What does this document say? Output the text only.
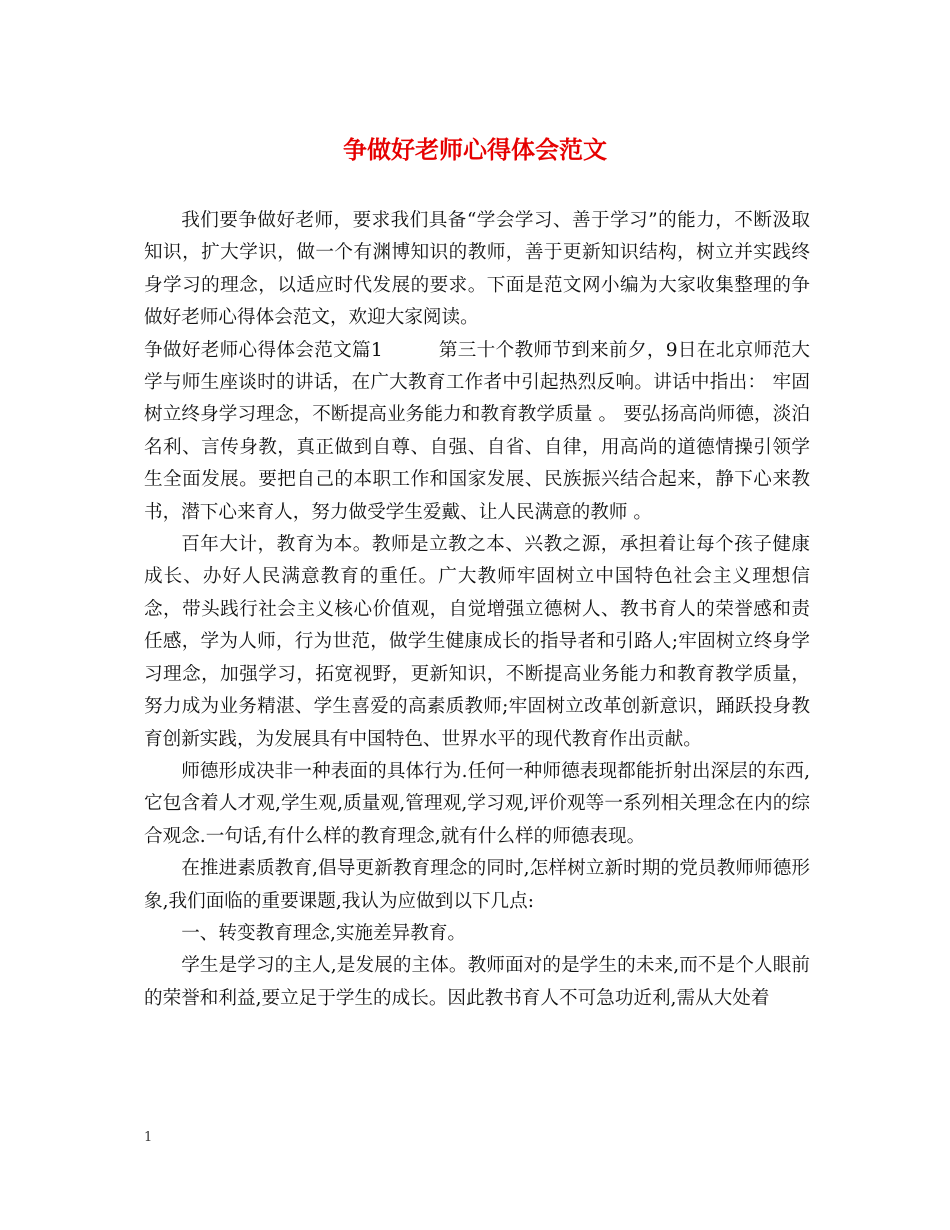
争做好老师心得体会范文

我们要争做好老师，要求我们具备“学会学习、善于学习”的能力，不断汲取知识，扩大学识，做一个有渊博知识的教师，善于更新知识结构，树立并实践终身学习的理念，以适应时代发展的要求。下面是范文网小编为大家收集整理的争做好老师心得体会范文，欢迎大家阅读。

争做好老师心得体会范文篇1	第三十个教师节到来前夕，9日在北京师范大学与师生座谈时的讲话，在广大教育工作者中引起热烈反响。讲话中指出： 牢固树立终身学习理念，不断提高业务能力和教育教学质量 。 要弘扬高尚师德，淡泊名利、言传身教，真正做到自尊、自强、自省、自律，用高尚的道德情操引领学生全面发展。要把自己的本职工作和国家发展、民族振兴结合起来，静下心来教书，潜下心来育人，努力做受学生爱戴、让人民满意的教师 。

百年大计，教育为本。教师是立教之本、兴教之源，承担着让每个孩子健康成长、办好人民满意教育的重任。广大教师牢固树立中国特色社会主义理想信念，带头践行社会主义核心价值观，自觉增强立德树人、教书育人的荣誉感和责任感，学为人师，行为世范，做学生健康成长的指导者和引路人;牢固树立终身学习理念，加强学习，拓宽视野，更新知识，不断提高业务能力和教育教学质量，努力成为业务精湛、学生喜爱的高素质教师;牢固树立改革创新意识，踊跃投身教育创新实践，为发展具有中国特色、世界水平的现代教育作出贡献。

师德形成决非一种表面的具体行为.任何一种师德表现都能折射出深层的东西,它包含着人才观,学生观,质量观,管理观,学习观,评价观等一系列相关理念在内的综合观念.一句话,有什么样的教育理念,就有什么样的师德表现。

在推进素质教育,倡导更新教育理念的同时,怎样树立新时期的党员教师师德形象,我们面临的重要课题,我认为应做到以下几点:

一、转变教育理念,实施差异教育。

学生是学习的主人,是发展的主体。教师面对的是学生的未来,而不是个人眼前的荣誉和利益,要立足于学生的成长。因此教书育人不可急功近利,需从大处着

1
